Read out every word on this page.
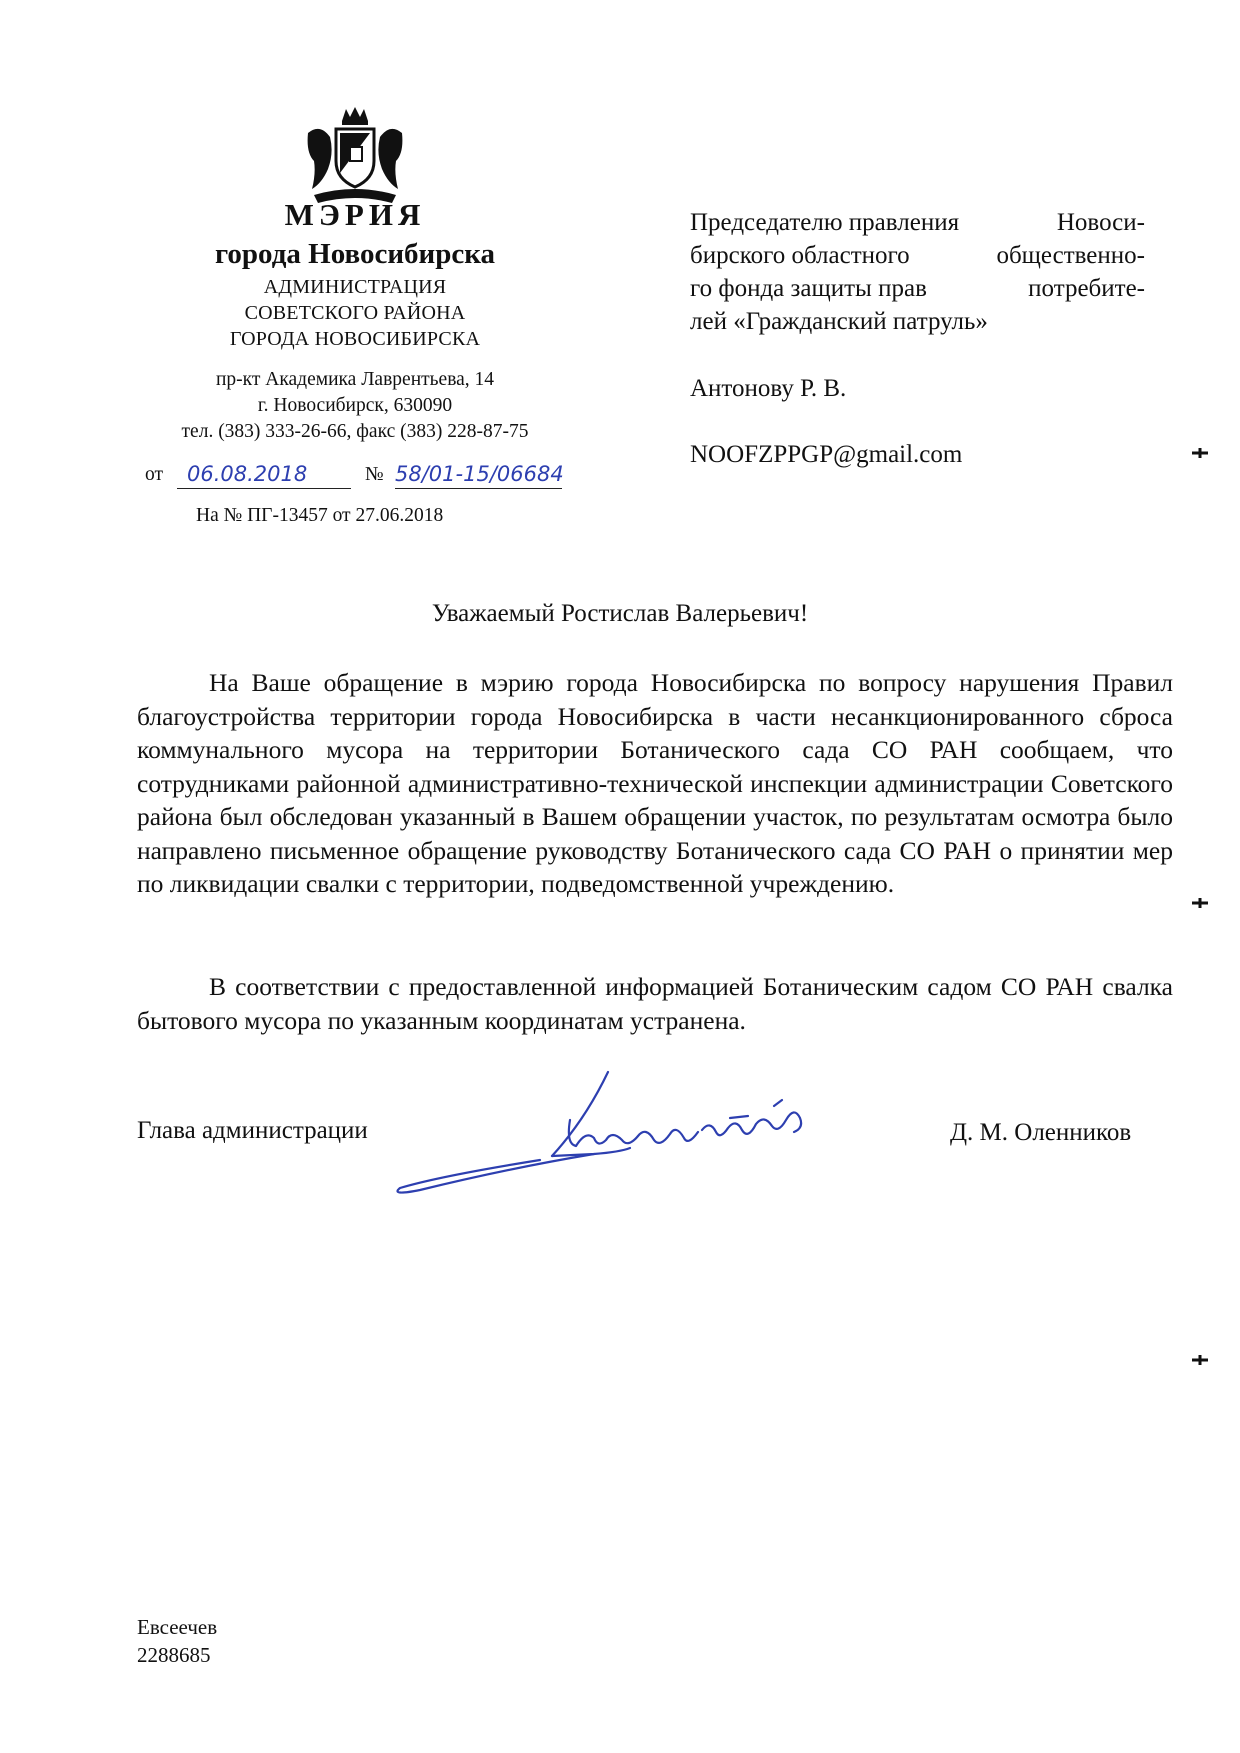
МЭРИЯ
города Новосибирска
АДМИНИСТРАЦИЯ
СОВЕТСКОГО РАЙОНА
ГОРОДА НОВОСИБИРСКА
пр-кт Академика Лаврентьева, 14
г. Новосибирск, 630090
тел. (383) 333-26-66, факс (383) 228-87-75
от 06.08.2018	№ 58/01-15/06684
На № ПГ-13457 от 27.06.2018
Председателю правления	Новоси-
бирского областного	общественно-
го фонда защиты прав	потребите-
лей «Гражданский патруль»
Антонову Р. В.
NOOFZPPGP@gmail.com
Уважаемый Ростислав Валерьевич!
На Ваше обращение в мэрию города Новосибирска по вопросу нарушения Правил благоустройства территории города Новосибирска в части несанкционированного сброса коммунального мусора на территории Ботанического сада СО РАН сообщаем, что сотрудниками районной административно-технической инспекции администрации Советского района был обследован указанный в Вашем обращении участок, по результатам осмотра было направлено письменное обращение руководству Ботанического сада СО РАН о принятии мер по ликвидации свалки с территории, подведомственной учреждению.
В соответствии с предоставленной информацией Ботаническим садом СО РАН свалка бытового мусора по указанным координатам устранена.
Глава администрации	Д. М. Оленников
Евсеечев
2288685
